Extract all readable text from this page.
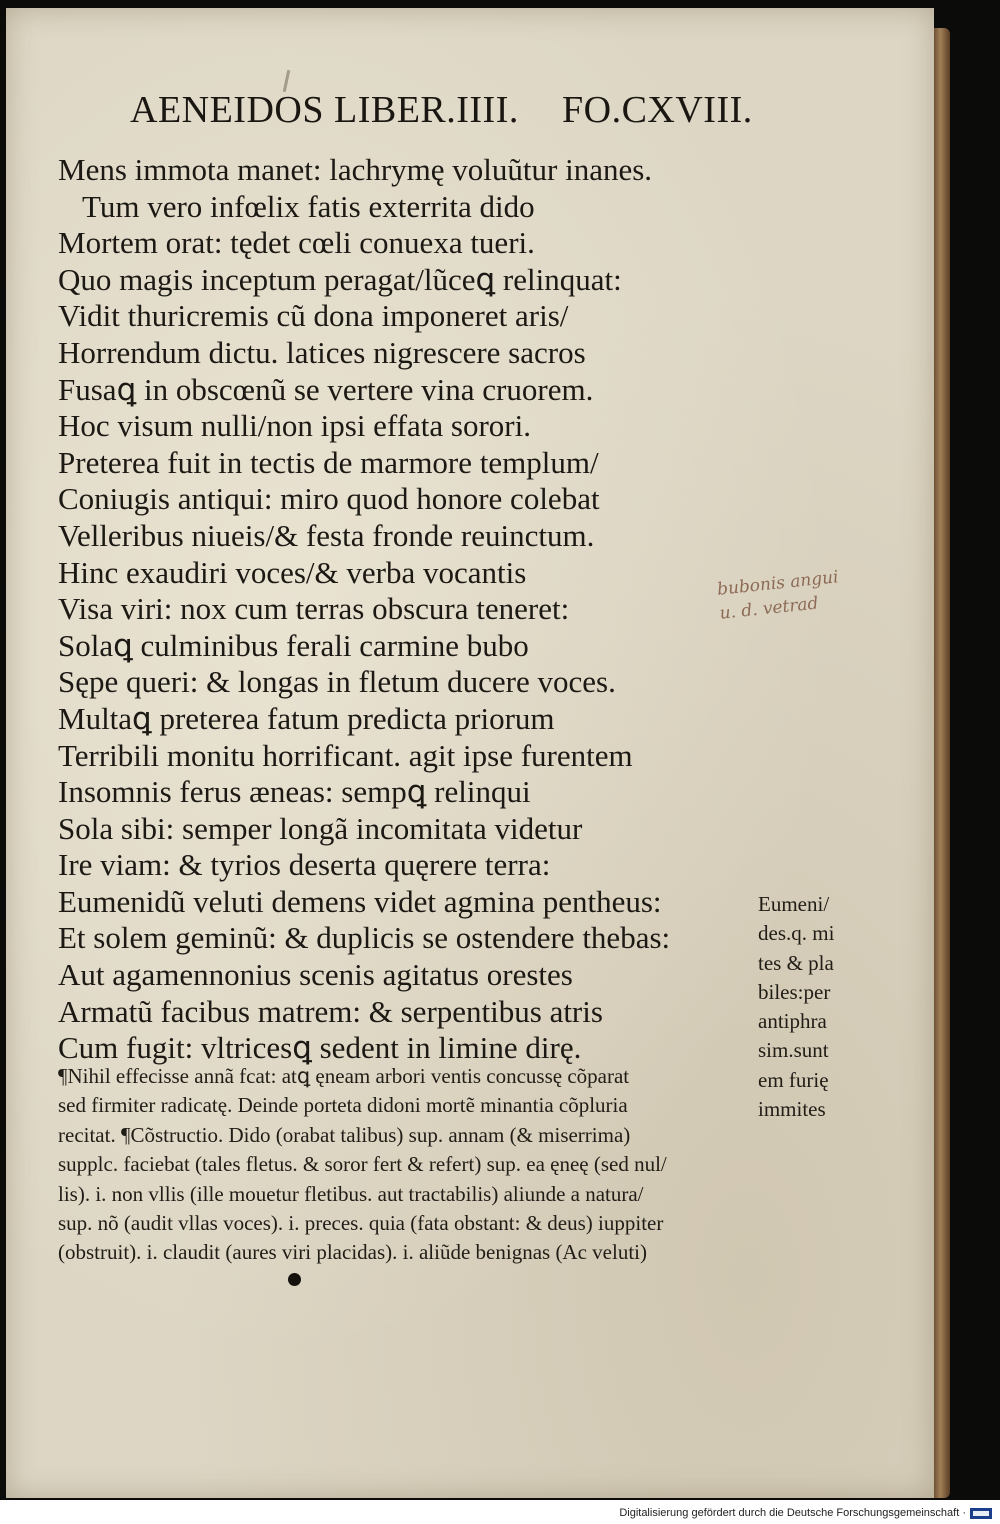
AENEIDOS LIBER.IIII. FO.CXVIII.
Mens immota manet: lachrymę voluũtur inanes.
Tum vero infœlix fatis exterrita dido
Mortem orat: tędet cœli conuexa tueri.
Quo magis inceptum peragat/lũceꝗ relinquat:
Vidit thuricremis cũ dona imponeret aris/
Horrendum dictu. latices nigrescere sacros
Fusaꝗ in obscœnũ se vertere vina cruorem.
Hoc visum nulli/non ipsi effata sorori.
Preterea fuit in tectis de marmore templum/
Coniugis antiqui: miro quod honore colebat
Velleribus niueis/& festa fronde reuinctum.
Hinc exaudiri voces/& verba vocantis
Visa viri: nox cum terras obscura teneret:
Solaꝗ culminibus ferali carmine bubo
Sępe queri: & longas in fletum ducere voces.
Multaꝗ preterea fatum predicta priorum
Terribili monitu horrificant. agit ipse furentem
Insomnis ferus æneas: sempꝗ relinqui
Sola sibi: semper longã incomitata videtur
Ire viam: & tyrios deserta quęrere terra:
Eumenidũ veluti demens videt agmina pentheus:
Et solem geminũ: & duplicis se ostendere thebas:
Aut agamennonius scenis agitatus orestes
Armatũ facibus matrem: & serpentibus atris
Cum fugit: vltricesꝗ sedent in limine dirę.
¶Nihil effecisse annã fcat: atꝗ ęneam arbori ventis concussę cõparat
sed firmiter radicatę. Deinde porteta didoni mortẽ minantia cõpluria
recitat. ¶Cõstructio. Dido (orabat talibus) sup. annam (& miserrima)
supplc. faciebat (tales fletus. & soror fert & refert) sup. ea ęneę (sed nul/
lis). i. non vllis (ille mouetur fletibus. aut tractabilis) aliunde a natura/
sup. nõ (audit vllas voces). i. preces. quia (fata obstant: & deus) iuppiter
(obstruit). i. claudit (aures viri placidas). i. aliũde benignas (Ac veluti)
Eumeni/
des.q. mi
tes & pla
biles:per
antiphra
sim.sunt
em furię
immites
bubonis angui
u. d. vetrad
Digitalisierung gefördert durch die Deutsche Forschungsgemeinschaft ·
